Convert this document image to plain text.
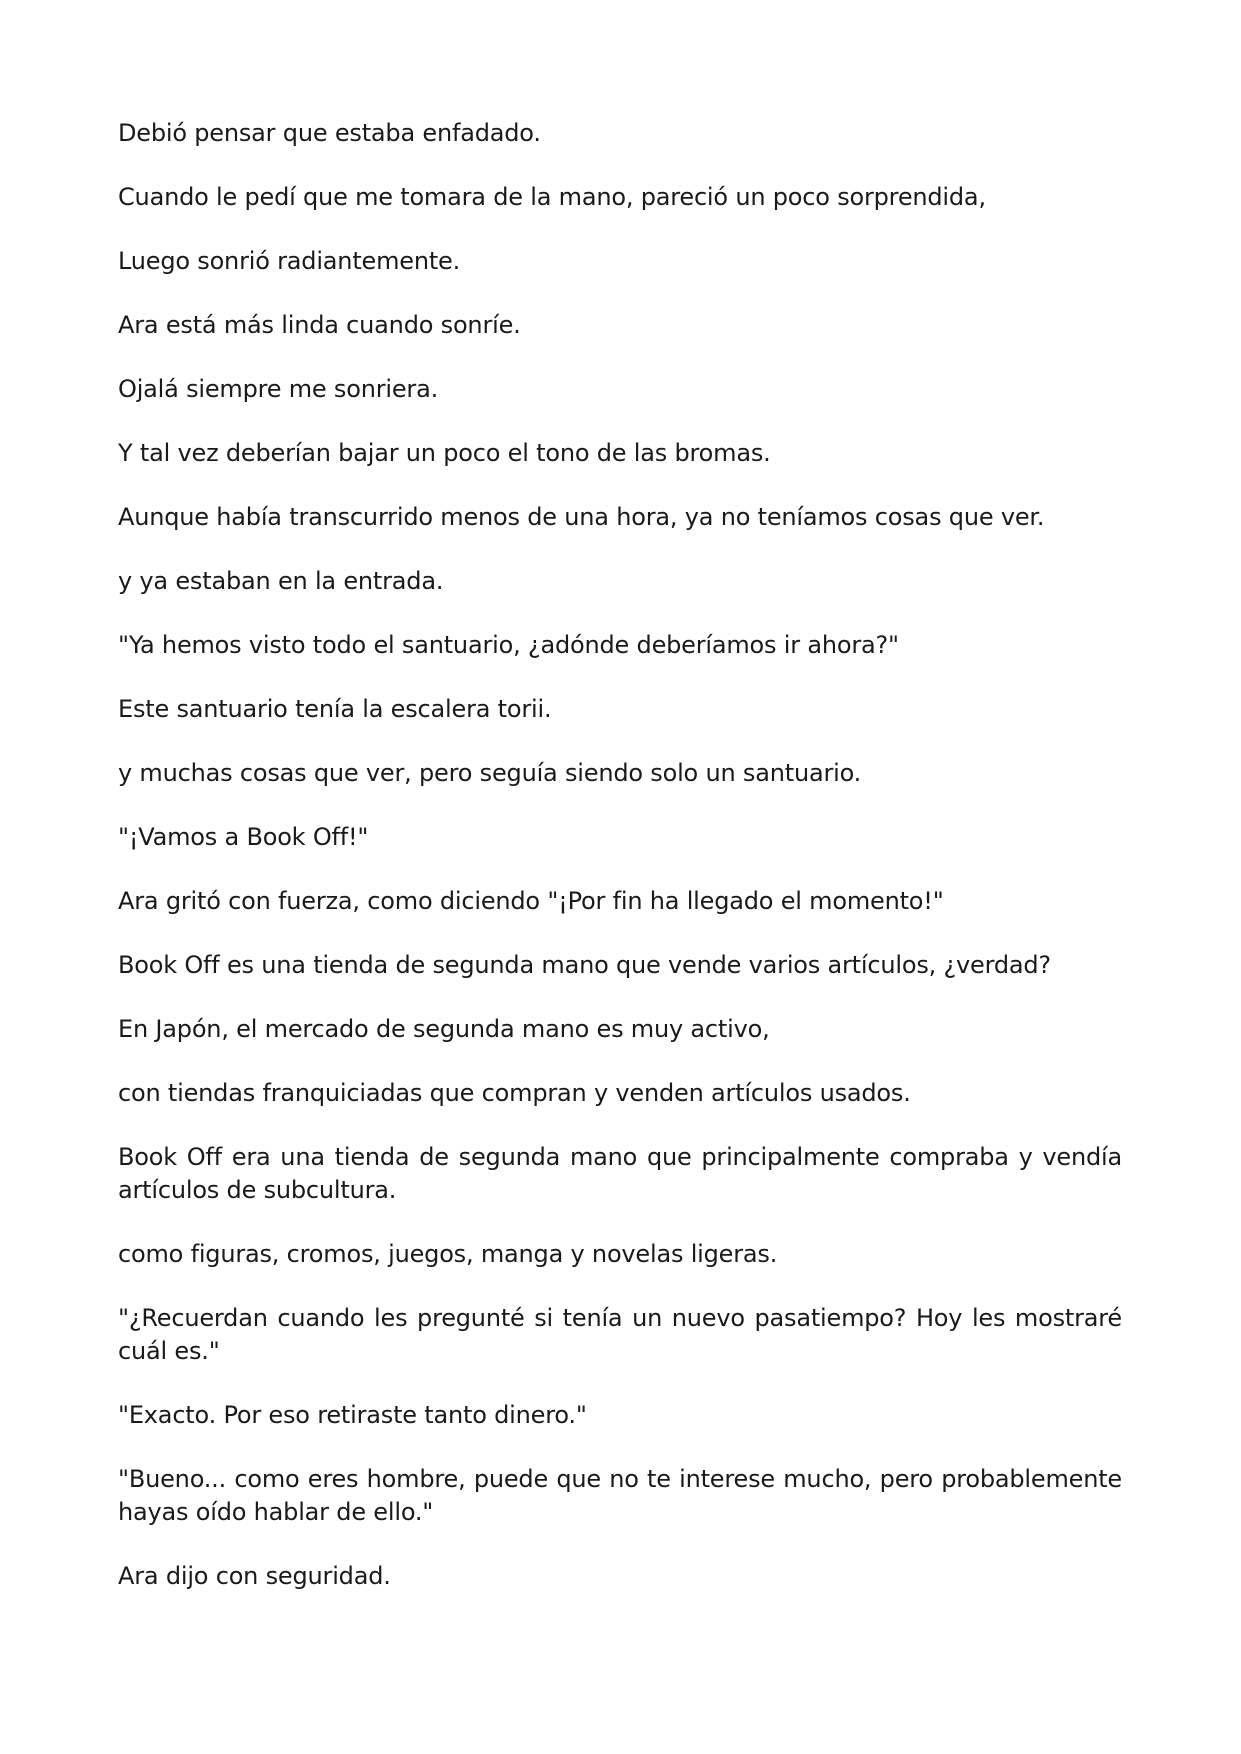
Debió pensar que estaba enfadado.

Cuando le pedí que me tomara de la mano, pareció un poco sorprendida,

Luego sonrió radiantemente.

Ara está más linda cuando sonríe.

Ojalá siempre me sonriera.

Y tal vez deberían bajar un poco el tono de las bromas.

Aunque había transcurrido menos de una hora, ya no teníamos cosas que ver.

y ya estaban en la entrada.

"Ya hemos visto todo el santuario, ¿adónde deberíamos ir ahora?"

Este santuario tenía la escalera torii.

y muchas cosas que ver, pero seguía siendo solo un santuario.

"¡Vamos a Book Off!"

Ara gritó con fuerza, como diciendo "¡Por fin ha llegado el momento!"

Book Off es una tienda de segunda mano que vende varios artículos, ¿verdad?

En Japón, el mercado de segunda mano es muy activo,

con tiendas franquiciadas que compran y venden artículos usados.

Book Off era una tienda de segunda mano que principalmente compraba y vendía artículos de subcultura.

como figuras, cromos, juegos, manga y novelas ligeras.

"¿Recuerdan cuando les pregunté si tenía un nuevo pasatiempo? Hoy les mostraré cuál es."

"Exacto. Por eso retiraste tanto dinero."

"Bueno... como eres hombre, puede que no te interese mucho, pero probablemente hayas oído hablar de ello."

Ara dijo con seguridad.
